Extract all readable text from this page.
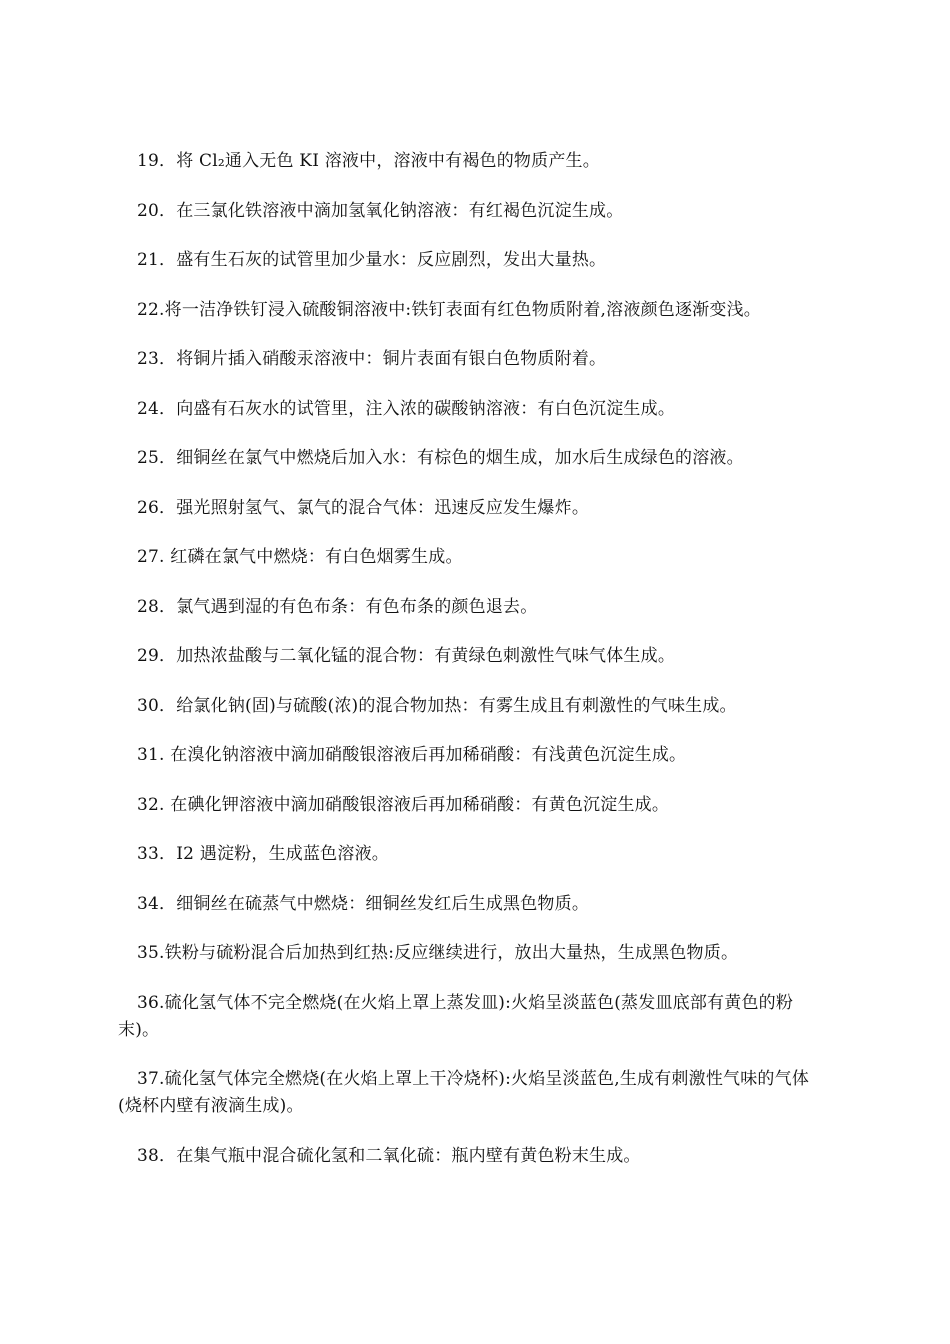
19．将 Cl₂通入无色 KI 溶液中，溶液中有褐色的物质产生。

20．在三氯化铁溶液中滴加氢氧化钠溶液：有红褐色沉淀生成。

21．盛有生石灰的试管里加少量水：反应剧烈，发出大量热。

22.将一洁净铁钉浸入硫酸铜溶液中:铁钉表面有红色物质附着,溶液颜色逐渐变浅。

23．将铜片插入硝酸汞溶液中：铜片表面有银白色物质附着。

24．向盛有石灰水的试管里，注入浓的碳酸钠溶液：有白色沉淀生成。

25．细铜丝在氯气中燃烧后加入水：有棕色的烟生成，加水后生成绿色的溶液。

26．强光照射氢气、氯气的混合气体：迅速反应发生爆炸。

27. 红磷在氯气中燃烧：有白色烟雾生成。

28．氯气遇到湿的有色布条：有色布条的颜色退去。

29．加热浓盐酸与二氧化锰的混合物：有黄绿色刺激性气味气体生成。

30．给氯化钠(固)与硫酸(浓)的混合物加热：有雾生成且有刺激性的气味生成。

31. 在溴化钠溶液中滴加硝酸银溶液后再加稀硝酸：有浅黄色沉淀生成。

32. 在碘化钾溶液中滴加硝酸银溶液后再加稀硝酸：有黄色沉淀生成。

33．I2 遇淀粉，生成蓝色溶液。

34．细铜丝在硫蒸气中燃烧：细铜丝发红后生成黑色物质。

35.铁粉与硫粉混合后加热到红热:反应继续进行，放出大量热，生成黑色物质。

36.硫化氢气体不完全燃烧(在火焰上罩上蒸发皿):火焰呈淡蓝色(蒸发皿底部有黄色的粉末)。

37.硫化氢气体完全燃烧(在火焰上罩上干冷烧杯):火焰呈淡蓝色,生成有刺激性气味的气体(烧杯内壁有液滴生成)。

38．在集气瓶中混合硫化氢和二氧化硫：瓶内壁有黄色粉末生成。
